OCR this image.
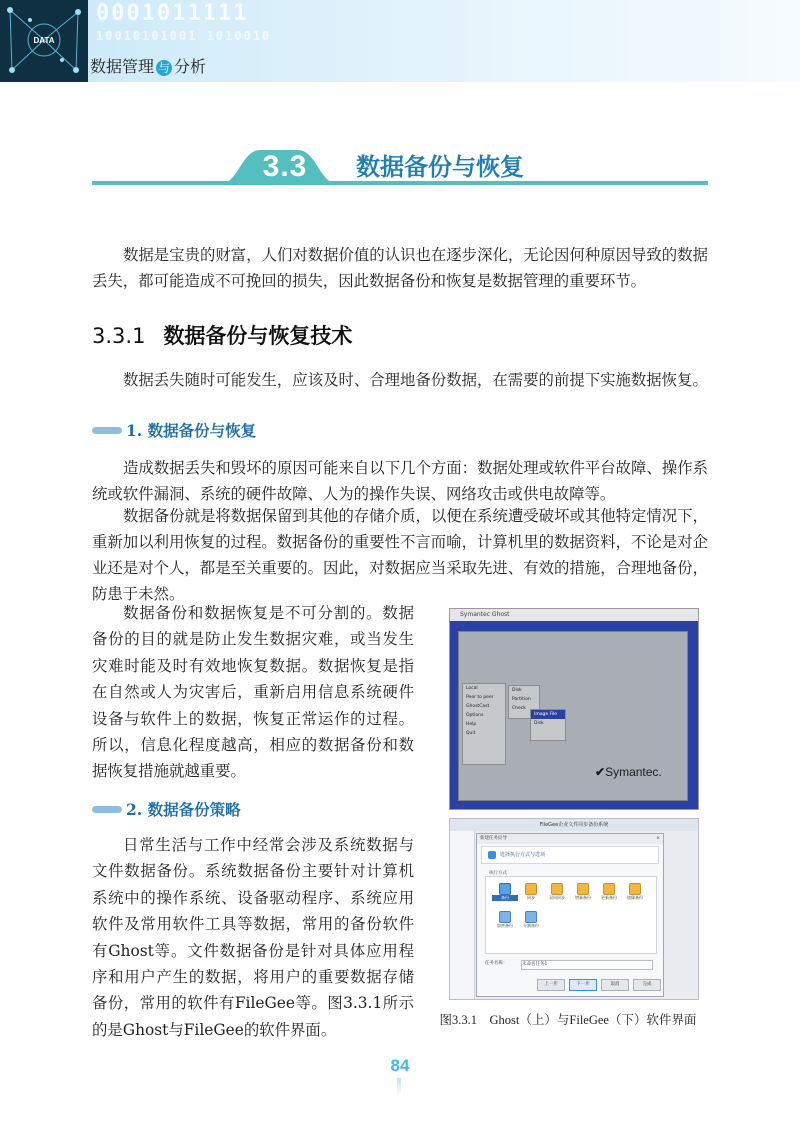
DATA
0001011111
10010101001 1010010
数据管理 与 分析
3.3	数据备份与恢复
数据是宝贵的财富，人们对数据价值的认识也在逐步深化，无论因何种原因导致的数据丢失，都可能造成不可挽回的损失，因此数据备份和恢复是数据管理的重要环节。
3.3.1 数据备份与恢复技术
数据丢失随时可能发生，应该及时、合理地备份数据，在需要的前提下实施数据恢复。
1. 数据备份与恢复
造成数据丢失和毁坏的原因可能来自以下几个方面：数据处理或软件平台故障、操作系统或软件漏洞、系统的硬件故障、人为的操作失误、网络攻击或供电故障等。
数据备份就是将数据保留到其他的存储介质，以便在系统遭受破坏或其他特定情况下，重新加以利用恢复的过程。数据备份的重要性不言而喻，计算机里的数据资料，不论是对企业还是对个人，都是至关重要的。因此，对数据应当采取先进、有效的措施，合理地备份，防患于未然。
数据备份和数据恢复是不可分割的。数据备份的目的就是防止发生数据灾难，或当发生灾难时能及时有效地恢复数据。数据恢复是指在自然或人为灾害后，重新启用信息系统硬件设备与软件上的数据，恢复正常运作的过程。所以，信息化程度越高，相应的数据备份和数据恢复措施就越重要。
2. 数据备份策略
日常生活与工作中经常会涉及系统数据与文件数据备份。系统数据备份主要针对计算机系统中的操作系统、设备驱动程序、系统应用软件及常用软件工具等数据，常用的备份软件有Ghost等。文件数据备份是针对具体应用程序和用户产生的数据，将用户的重要数据存储备份，常用的软件有FileGee等。图3.3.1所示的是Ghost与FileGee的软件界面。
Symantec Ghost
Local
Peer to peer
GhostCast
Options
Help
Quit
Disk
Partition
Check
Image File
Disk
✔Symantec.
FileGee企业文件同步备份系统
新建任务向导	×
选择执行方式与选项
备份	同步	双向同步	增量备份	更新备份	镜像备份
加密备份	分割备份
执行方式
任务名称：	未命名任务1
上一步	下一步	取消	完成
图3.3.1　Ghost（上）与FileGee（下）软件界面
84
